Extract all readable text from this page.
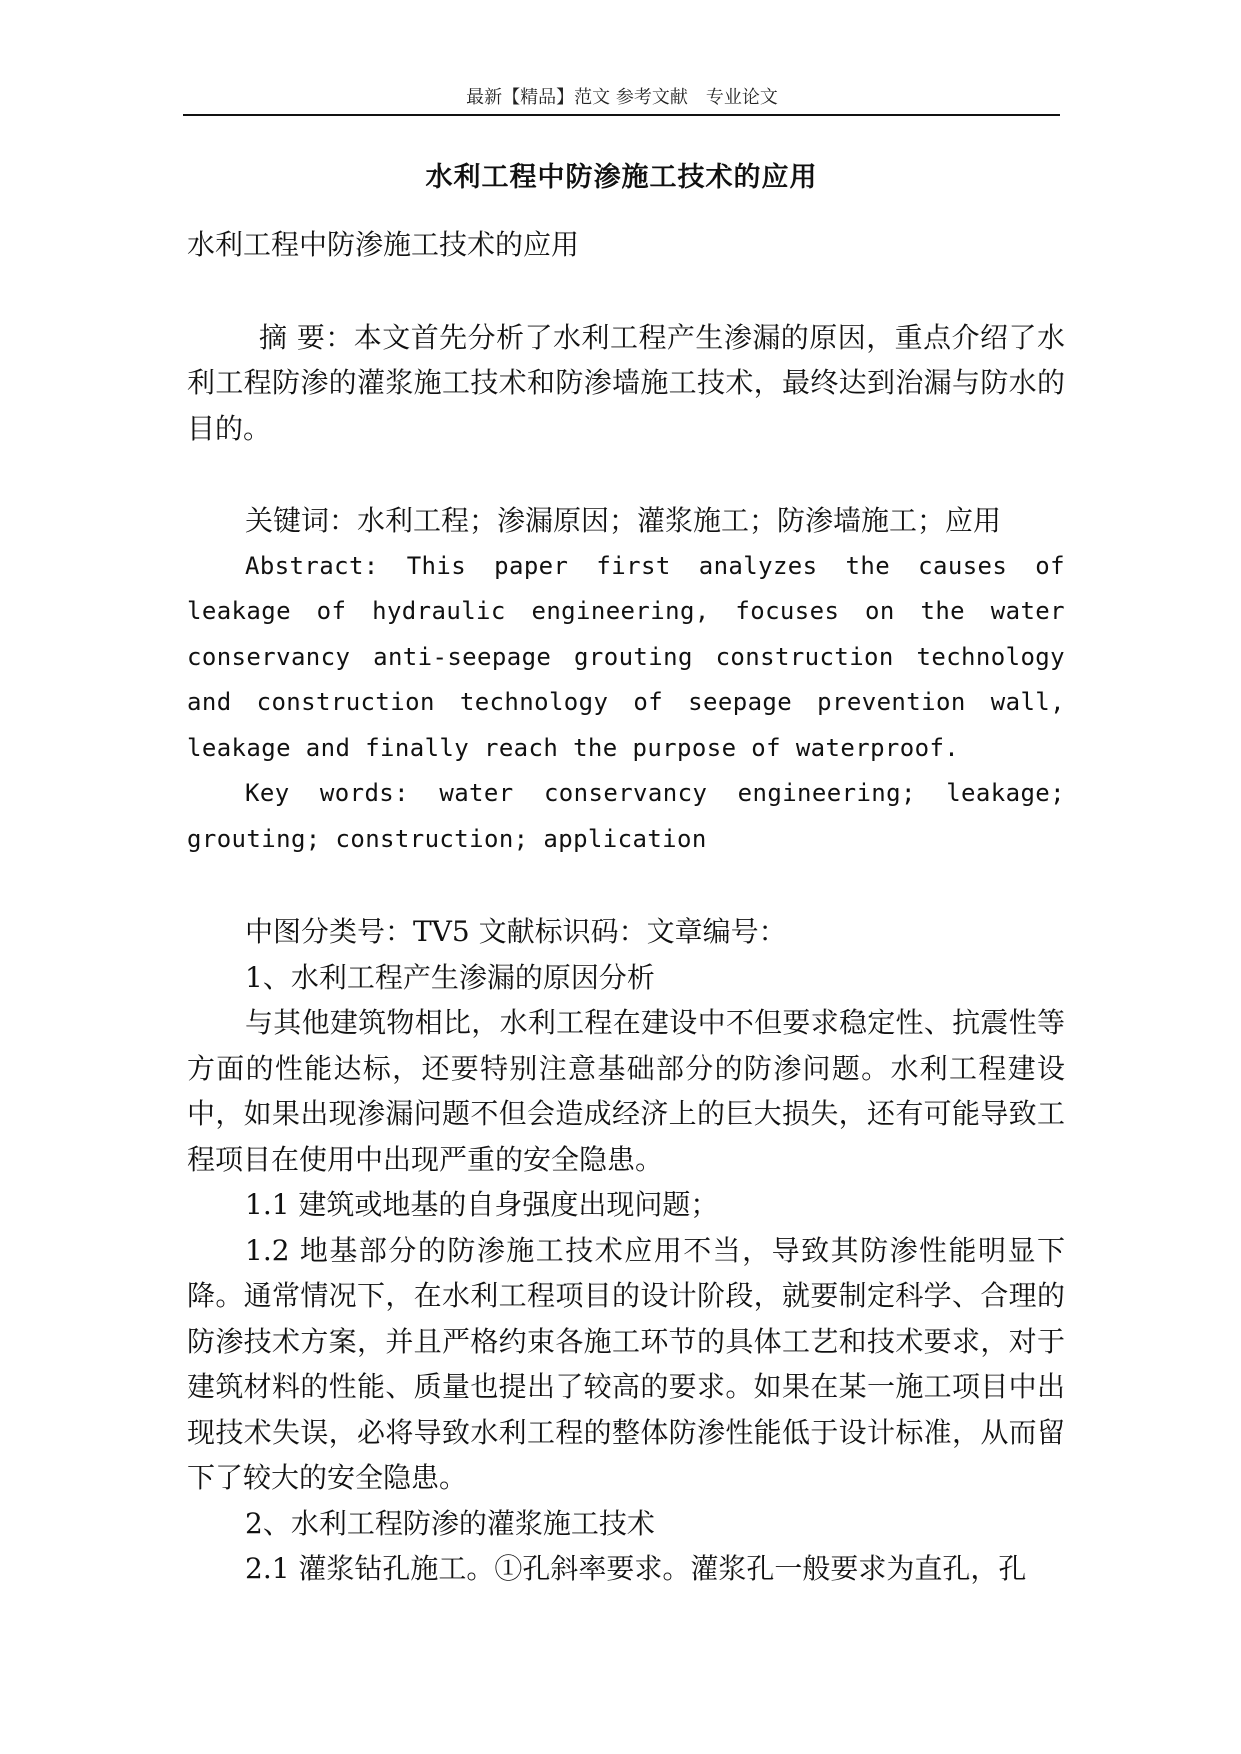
最新【精品】范文 参考文献　专业论文
水利工程中防渗施工技术的应用

水利工程中防渗施工技术的应用

摘 要：本文首先分析了水利工程产生渗漏的原因，重点介绍了水利工程防渗的灌浆施工技术和防渗墙施工技术，最终达到治漏与防水的目的。

关键词：水利工程；渗漏原因；灌浆施工；防渗墙施工；应用

Abstract: This paper first analyzes the causes of leakage of hydraulic engineering, focuses on the water conservancy anti-seepage grouting construction technology and construction technology of seepage prevention wall, leakage and finally reach the purpose of waterproof.

Key words: water conservancy engineering; leakage; grouting; construction; application

中图分类号：TV5 文献标识码：文章编号：

1、水利工程产生渗漏的原因分析

与其他建筑物相比，水利工程在建设中不但要求稳定性、抗震性等方面的性能达标，还要特别注意基础部分的防渗问题。水利工程建设中，如果出现渗漏问题不但会造成经济上的巨大损失，还有可能导致工程项目在使用中出现严重的安全隐患。

1.1 建筑或地基的自身强度出现问题；

1.2 地基部分的防渗施工技术应用不当，导致其防渗性能明显下降。通常情况下，在水利工程项目的设计阶段，就要制定科学、合理的防渗技术方案，并且严格约束各施工环节的具体工艺和技术要求，对于建筑材料的性能、质量也提出了较高的要求。如果在某一施工项目中出现技术失误，必将导致水利工程的整体防渗性能低于设计标准，从而留下了较大的安全隐患。

2、水利工程防渗的灌浆施工技术

2.1 灌浆钻孔施工。①孔斜率要求。灌浆孔一般要求为直孔，孔
